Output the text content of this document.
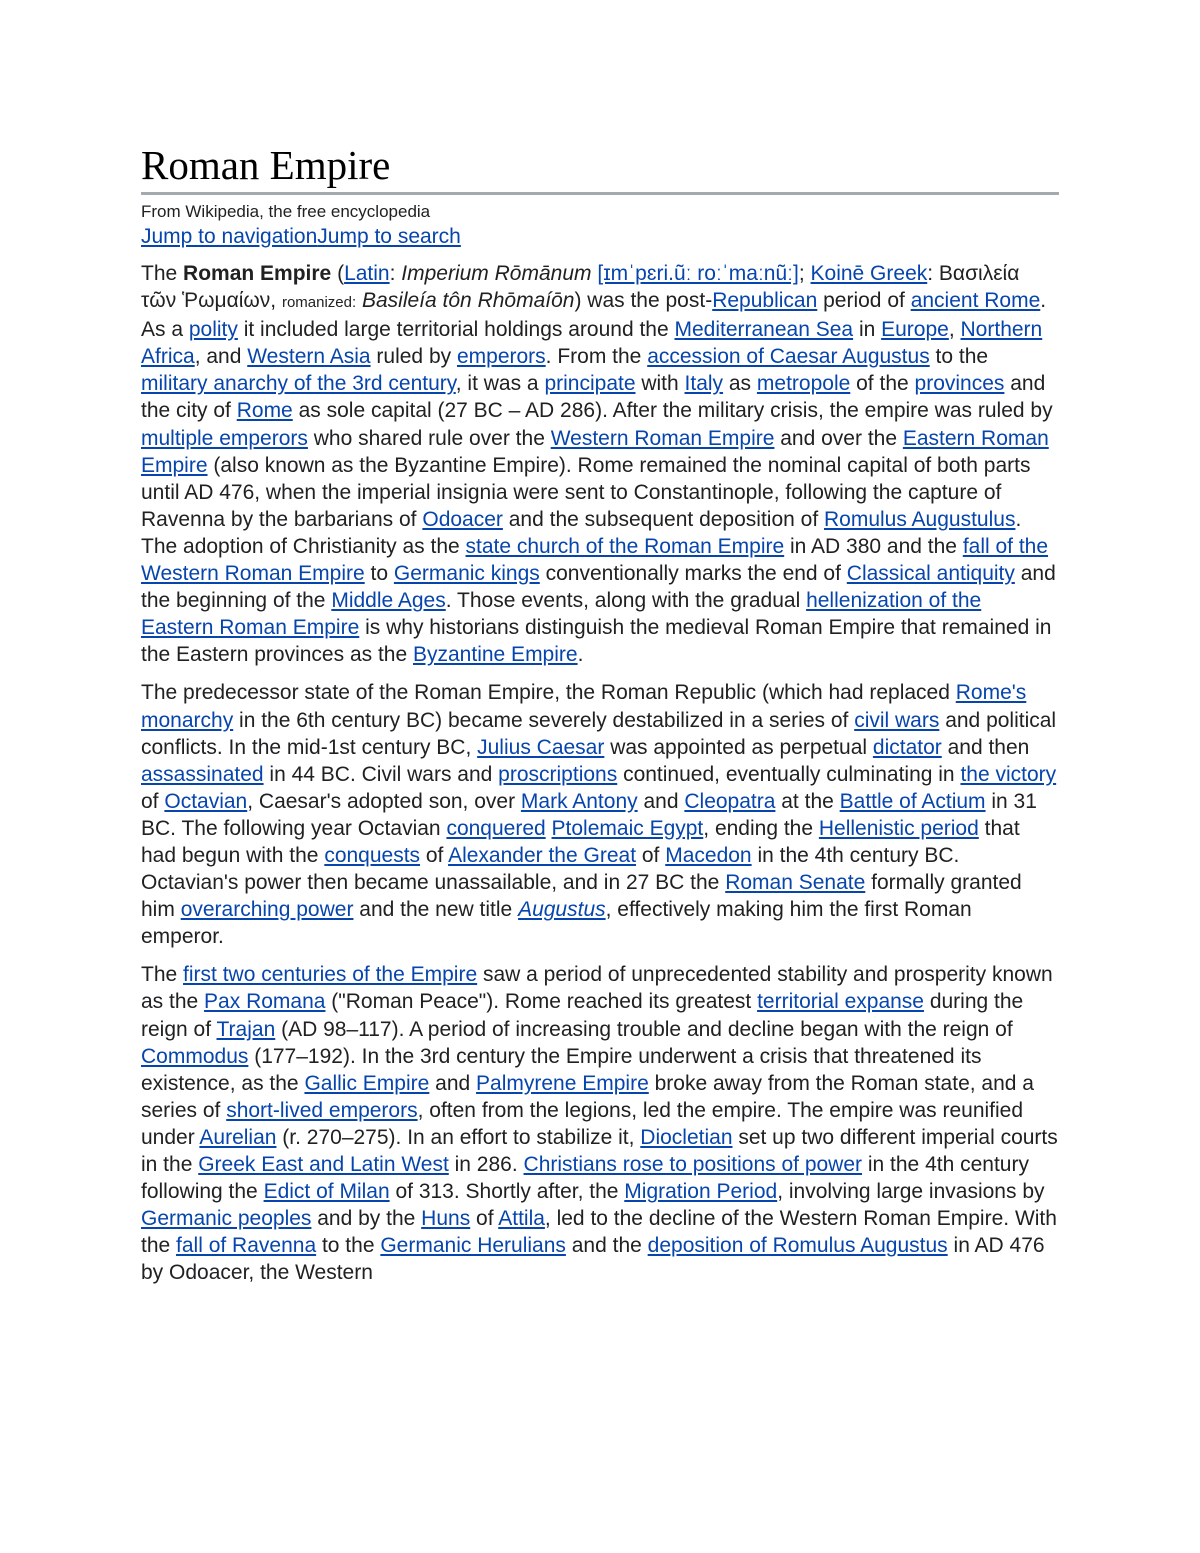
Roman Empire
From Wikipedia, the free encyclopedia
Jump to navigationJump to search

The Roman Empire (Latin: Imperium Rōmānum [ɪmˈpɛri.ũː roːˈmaːnũː]; Koinē Greek: Βασιλεία τῶν Ῥωμαίων, romanized: Basileía tôn Rhōmaíōn) was the post-Republican period of ancient Rome. As a polity it included large territorial holdings around the Mediterranean Sea in Europe, Northern Africa, and Western Asia ruled by emperors. From the accession of Caesar Augustus to the military anarchy of the 3rd century, it was a principate with Italy as metropole of the provinces and the city of Rome as sole capital (27 BC – AD 286). After the military crisis, the empire was ruled by multiple emperors who shared rule over the Western Roman Empire and over the Eastern Roman Empire (also known as the Byzantine Empire). Rome remained the nominal capital of both parts until AD 476, when the imperial insignia were sent to Constantinople, following the capture of Ravenna by the barbarians of Odoacer and the subsequent deposition of Romulus Augustulus. The adoption of Christianity as the state church of the Roman Empire in AD 380 and the fall of the Western Roman Empire to Germanic kings conventionally marks the end of Classical antiquity and the beginning of the Middle Ages. Those events, along with the gradual hellenization of the Eastern Roman Empire is why historians distinguish the medieval Roman Empire that remained in the Eastern provinces as the Byzantine Empire.

The predecessor state of the Roman Empire, the Roman Republic (which had replaced Rome's monarchy in the 6th century BC) became severely destabilized in a series of civil wars and political conflicts. In the mid-1st century BC, Julius Caesar was appointed as perpetual dictator and then assassinated in 44 BC. Civil wars and proscriptions continued, eventually culminating in the victory of Octavian, Caesar's adopted son, over Mark Antony and Cleopatra at the Battle of Actium in 31 BC. The following year Octavian conquered Ptolemaic Egypt, ending the Hellenistic period that had begun with the conquests of Alexander the Great of Macedon in the 4th century BC. Octavian's power then became unassailable, and in 27 BC the Roman Senate formally granted him overarching power and the new title Augustus, effectively making him the first Roman emperor.

The first two centuries of the Empire saw a period of unprecedented stability and prosperity known as the Pax Romana ("Roman Peace"). Rome reached its greatest territorial expanse during the reign of Trajan (AD 98–117). A period of increasing trouble and decline began with the reign of Commodus (177–192). In the 3rd century the Empire underwent a crisis that threatened its existence, as the Gallic Empire and Palmyrene Empire broke away from the Roman state, and a series of short-lived emperors, often from the legions, led the empire. The empire was reunified under Aurelian (r. 270–275). In an effort to stabilize it, Diocletian set up two different imperial courts in the Greek East and Latin West in 286. Christians rose to positions of power in the 4th century following the Edict of Milan of 313. Shortly after, the Migration Period, involving large invasions by Germanic peoples and by the Huns of Attila, led to the decline of the Western Roman Empire. With the fall of Ravenna to the Germanic Herulians and the deposition of Romulus Augustus in AD 476 by Odoacer, the Western
